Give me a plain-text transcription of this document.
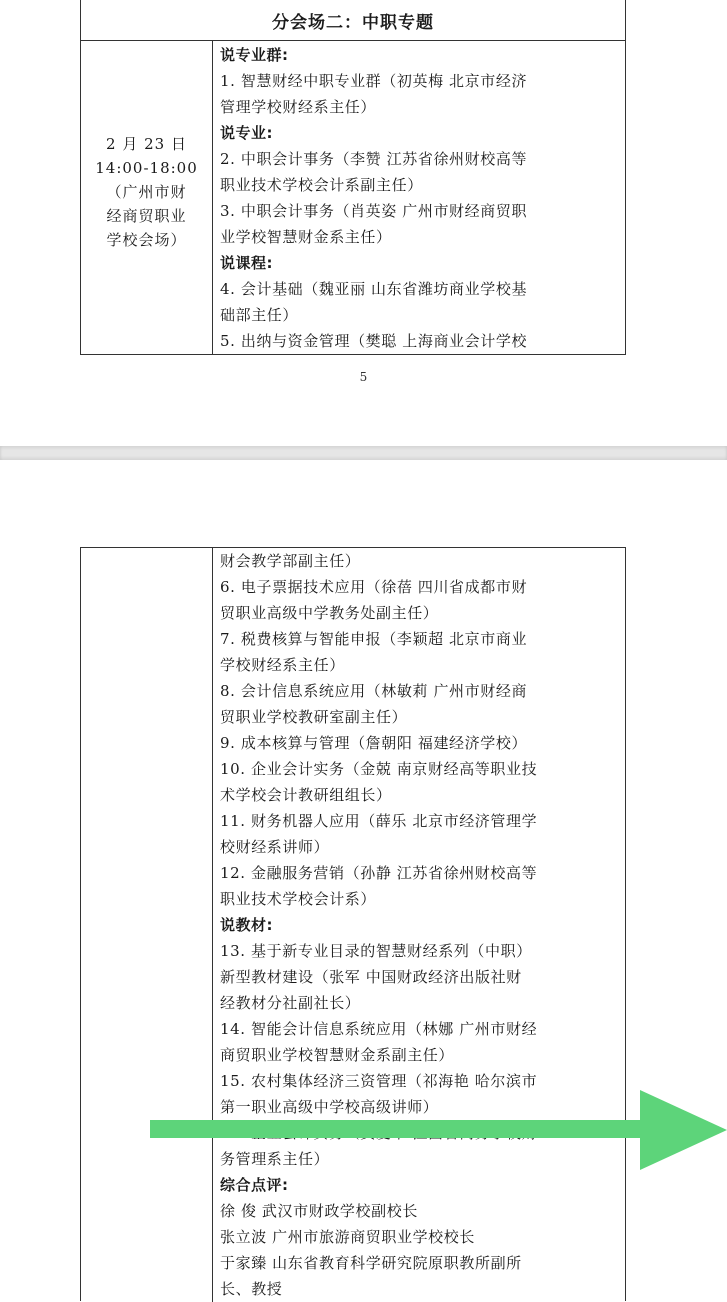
分会场二：中职专题
2 月 23 日
14:00-18:00
（广州市财
经商贸职业
学校会场）
说专业群:
1. 智慧财经中职专业群（初英梅 北京市经济
管理学校财经系主任）
说专业:
2. 中职会计事务（李赞 江苏省徐州财校高等
职业技术学校会计系副主任）
3. 中职会计事务（肖英姿 广州市财经商贸职
业学校智慧财金系主任）
说课程:
4. 会计基础（魏亚丽 山东省潍坊商业学校基
础部主任）
5. 出纳与资金管理（樊聪 上海商业会计学校
5
财会教学部副主任）
6. 电子票据技术应用（徐蓓 四川省成都市财
贸职业高级中学教务处副主任）
7. 税费核算与智能申报（李颖超 北京市商业
学校财经系主任）
8. 会计信息系统应用（林敏莉 广州市财经商
贸职业学校教研室副主任）
9. 成本核算与管理（詹朝阳 福建经济学校）
10. 企业会计实务（金兢 南京财经高等职业技
术学校会计教研组组长）
11. 财务机器人应用（薛乐 北京市经济管理学
校财经系讲师）
12. 金融服务营销（孙静 江苏省徐州财校高等
职业技术学校会计系）
说教材:
13. 基于新专业目录的智慧财经系列（中职）
新型教材建设（张军 中国财政经济出版社财
经教材分社副社长）
14. 智能会计信息系统应用（林娜 广州市财经
商贸职业学校智慧财金系副主任）
15. 农村集体经济三资管理（祁海艳 哈尔滨市
第一职业高级中学校高级讲师）
务管理系主任）
综合点评:
徐 俊 武汉市财政学校副校长
张立波 广州市旅游商贸职业学校校长
于家臻 山东省教育科学研究院原职教所副所
长、教授
